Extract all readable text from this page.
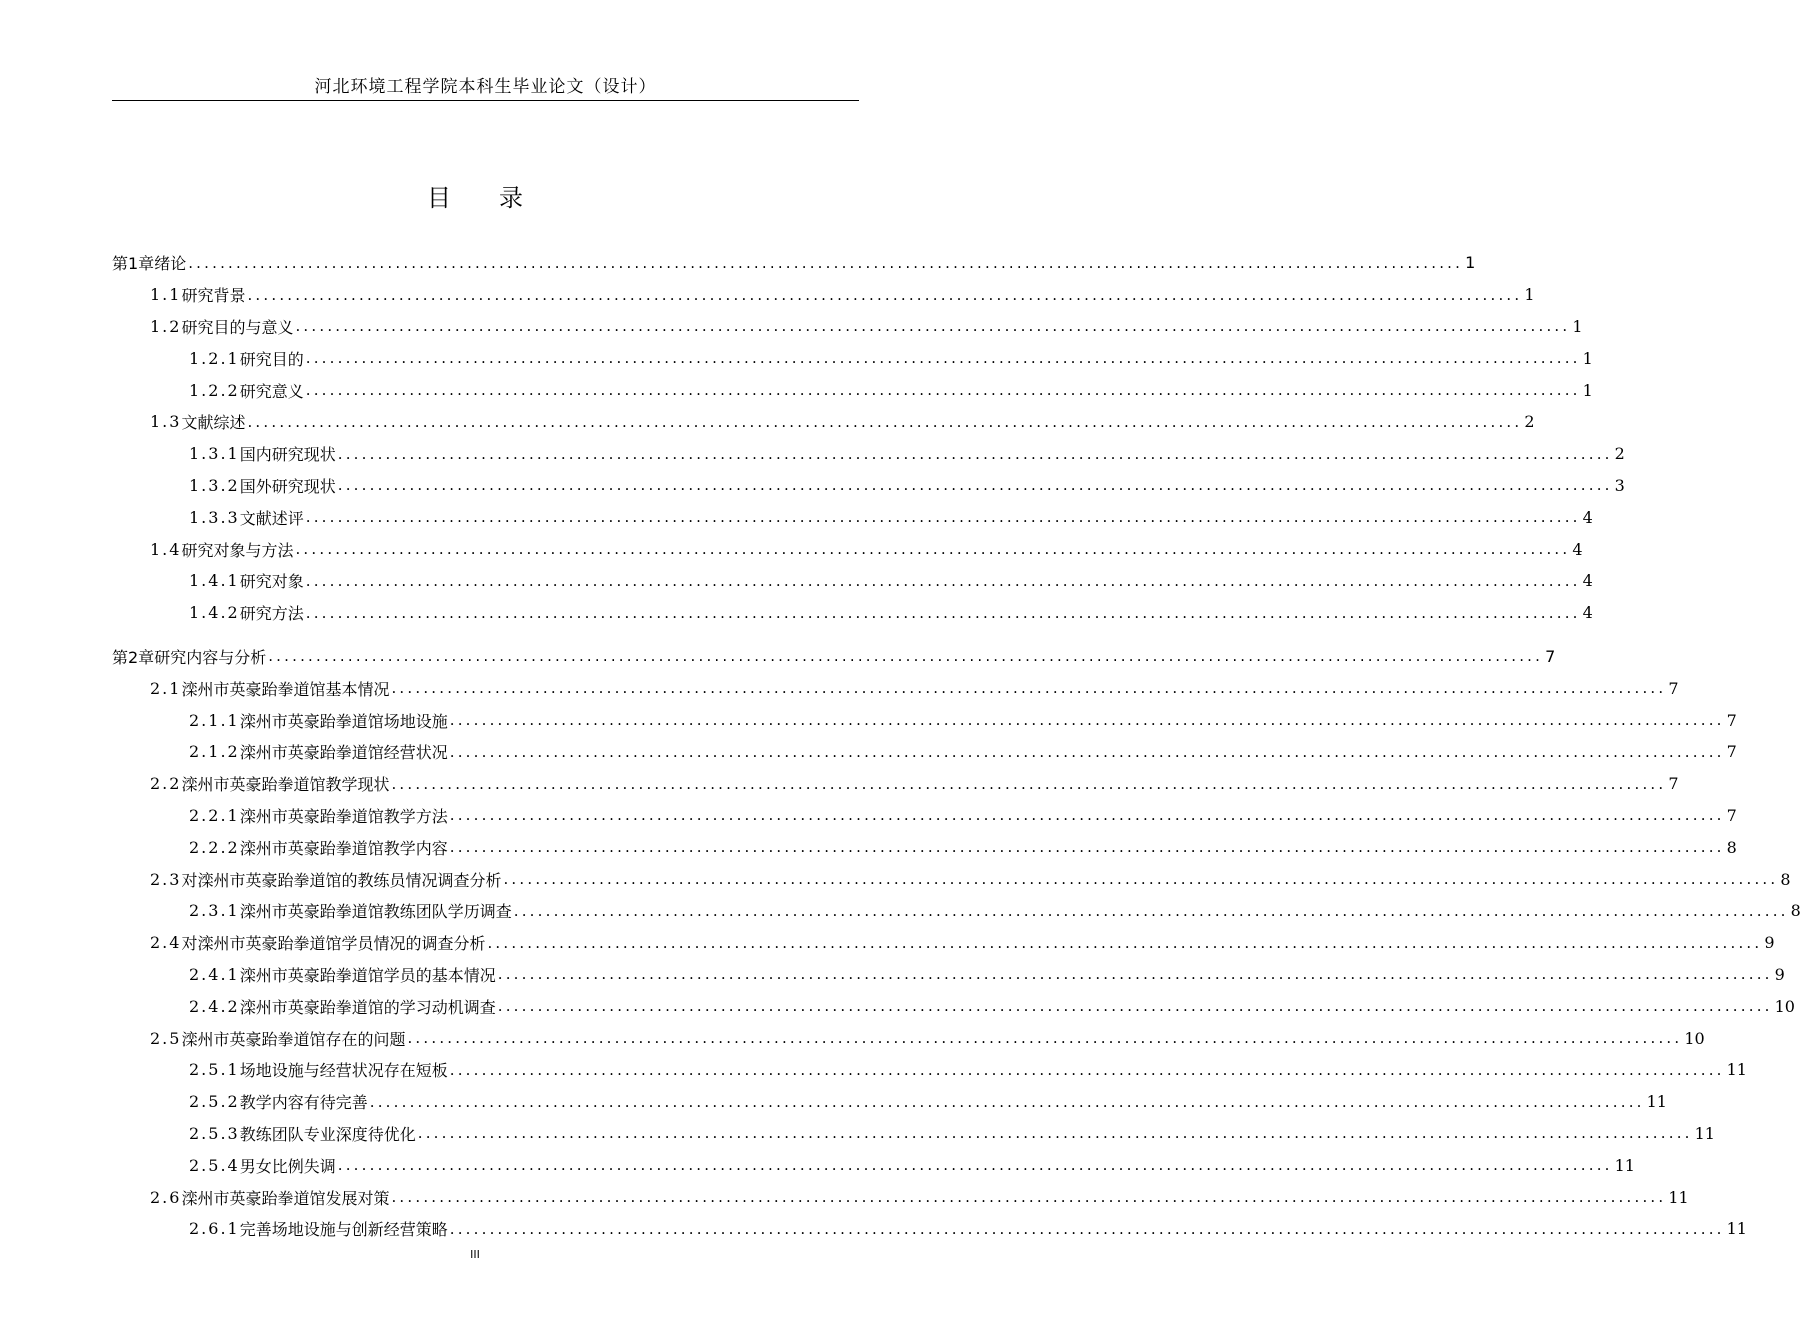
河北环境工程学院本科生毕业论文（设计）
目 录
第1章 绪论 ................................................................................................................................................................ 1
1.1 研究背景 ................................................................................................................................................................ 1
1.2 研究目的与意义 ................................................................................................................................................................ 1
1.2.1 研究目的 ................................................................................................................................................................ 1
1.2.2 研究意义 ................................................................................................................................................................ 1
1.3 文献综述 ................................................................................................................................................................ 2
1.3.1 国内研究现状 ................................................................................................................................................................ 2
1.3.2 国外研究现状 ................................................................................................................................................................ 3
1.3.3 文献述评 ................................................................................................................................................................ 4
1.4 研究对象与方法 ................................................................................................................................................................ 4
1.4.1 研究对象 ................................................................................................................................................................ 4
1.4.2 研究方法 ................................................................................................................................................................ 4
第2章 研究内容与分析 ................................................................................................................................................................ 7
2.1 滦州市英豪跆拳道馆基本情况 ................................................................................................................................................................ 7
2.1.1 滦州市英豪跆拳道馆场地设施 ................................................................................................................................................................ 7
2.1.2 滦州市英豪跆拳道馆经营状况 ................................................................................................................................................................ 7
2.2 滦州市英豪跆拳道馆教学现状 ................................................................................................................................................................ 7
2.2.1 滦州市英豪跆拳道馆教学方法 ................................................................................................................................................................ 7
2.2.2 滦州市英豪跆拳道馆教学内容 ................................................................................................................................................................ 8
2.3 对滦州市英豪跆拳道馆的教练员情况调查分析 ................................................................................................................................................................ 8
2.3.1 滦州市英豪跆拳道馆教练团队学历调查 ................................................................................................................................................................ 8
2.4 对滦州市英豪跆拳道馆学员情况的调查分析 ................................................................................................................................................................ 9
2.4.1 滦州市英豪跆拳道馆学员的基本情况 ................................................................................................................................................................ 9
2.4.2 滦州市英豪跆拳道馆的学习动机调查 ................................................................................................................................................................ 10
2.5 滦州市英豪跆拳道馆存在的问题 ................................................................................................................................................................ 10
2.5.1 场地设施与经营状况存在短板 ................................................................................................................................................................ 11
2.5.2 教学内容有待完善 ................................................................................................................................................................ 11
2.5.3 教练团队专业深度待优化 ................................................................................................................................................................ 11
2.5.4 男女比例失调 ................................................................................................................................................................ 11
2.6 滦州市英豪跆拳道馆发展对策 ................................................................................................................................................................ 11
2.6.1 完善场地设施与创新经营策略 ................................................................................................................................................................ 11
III
